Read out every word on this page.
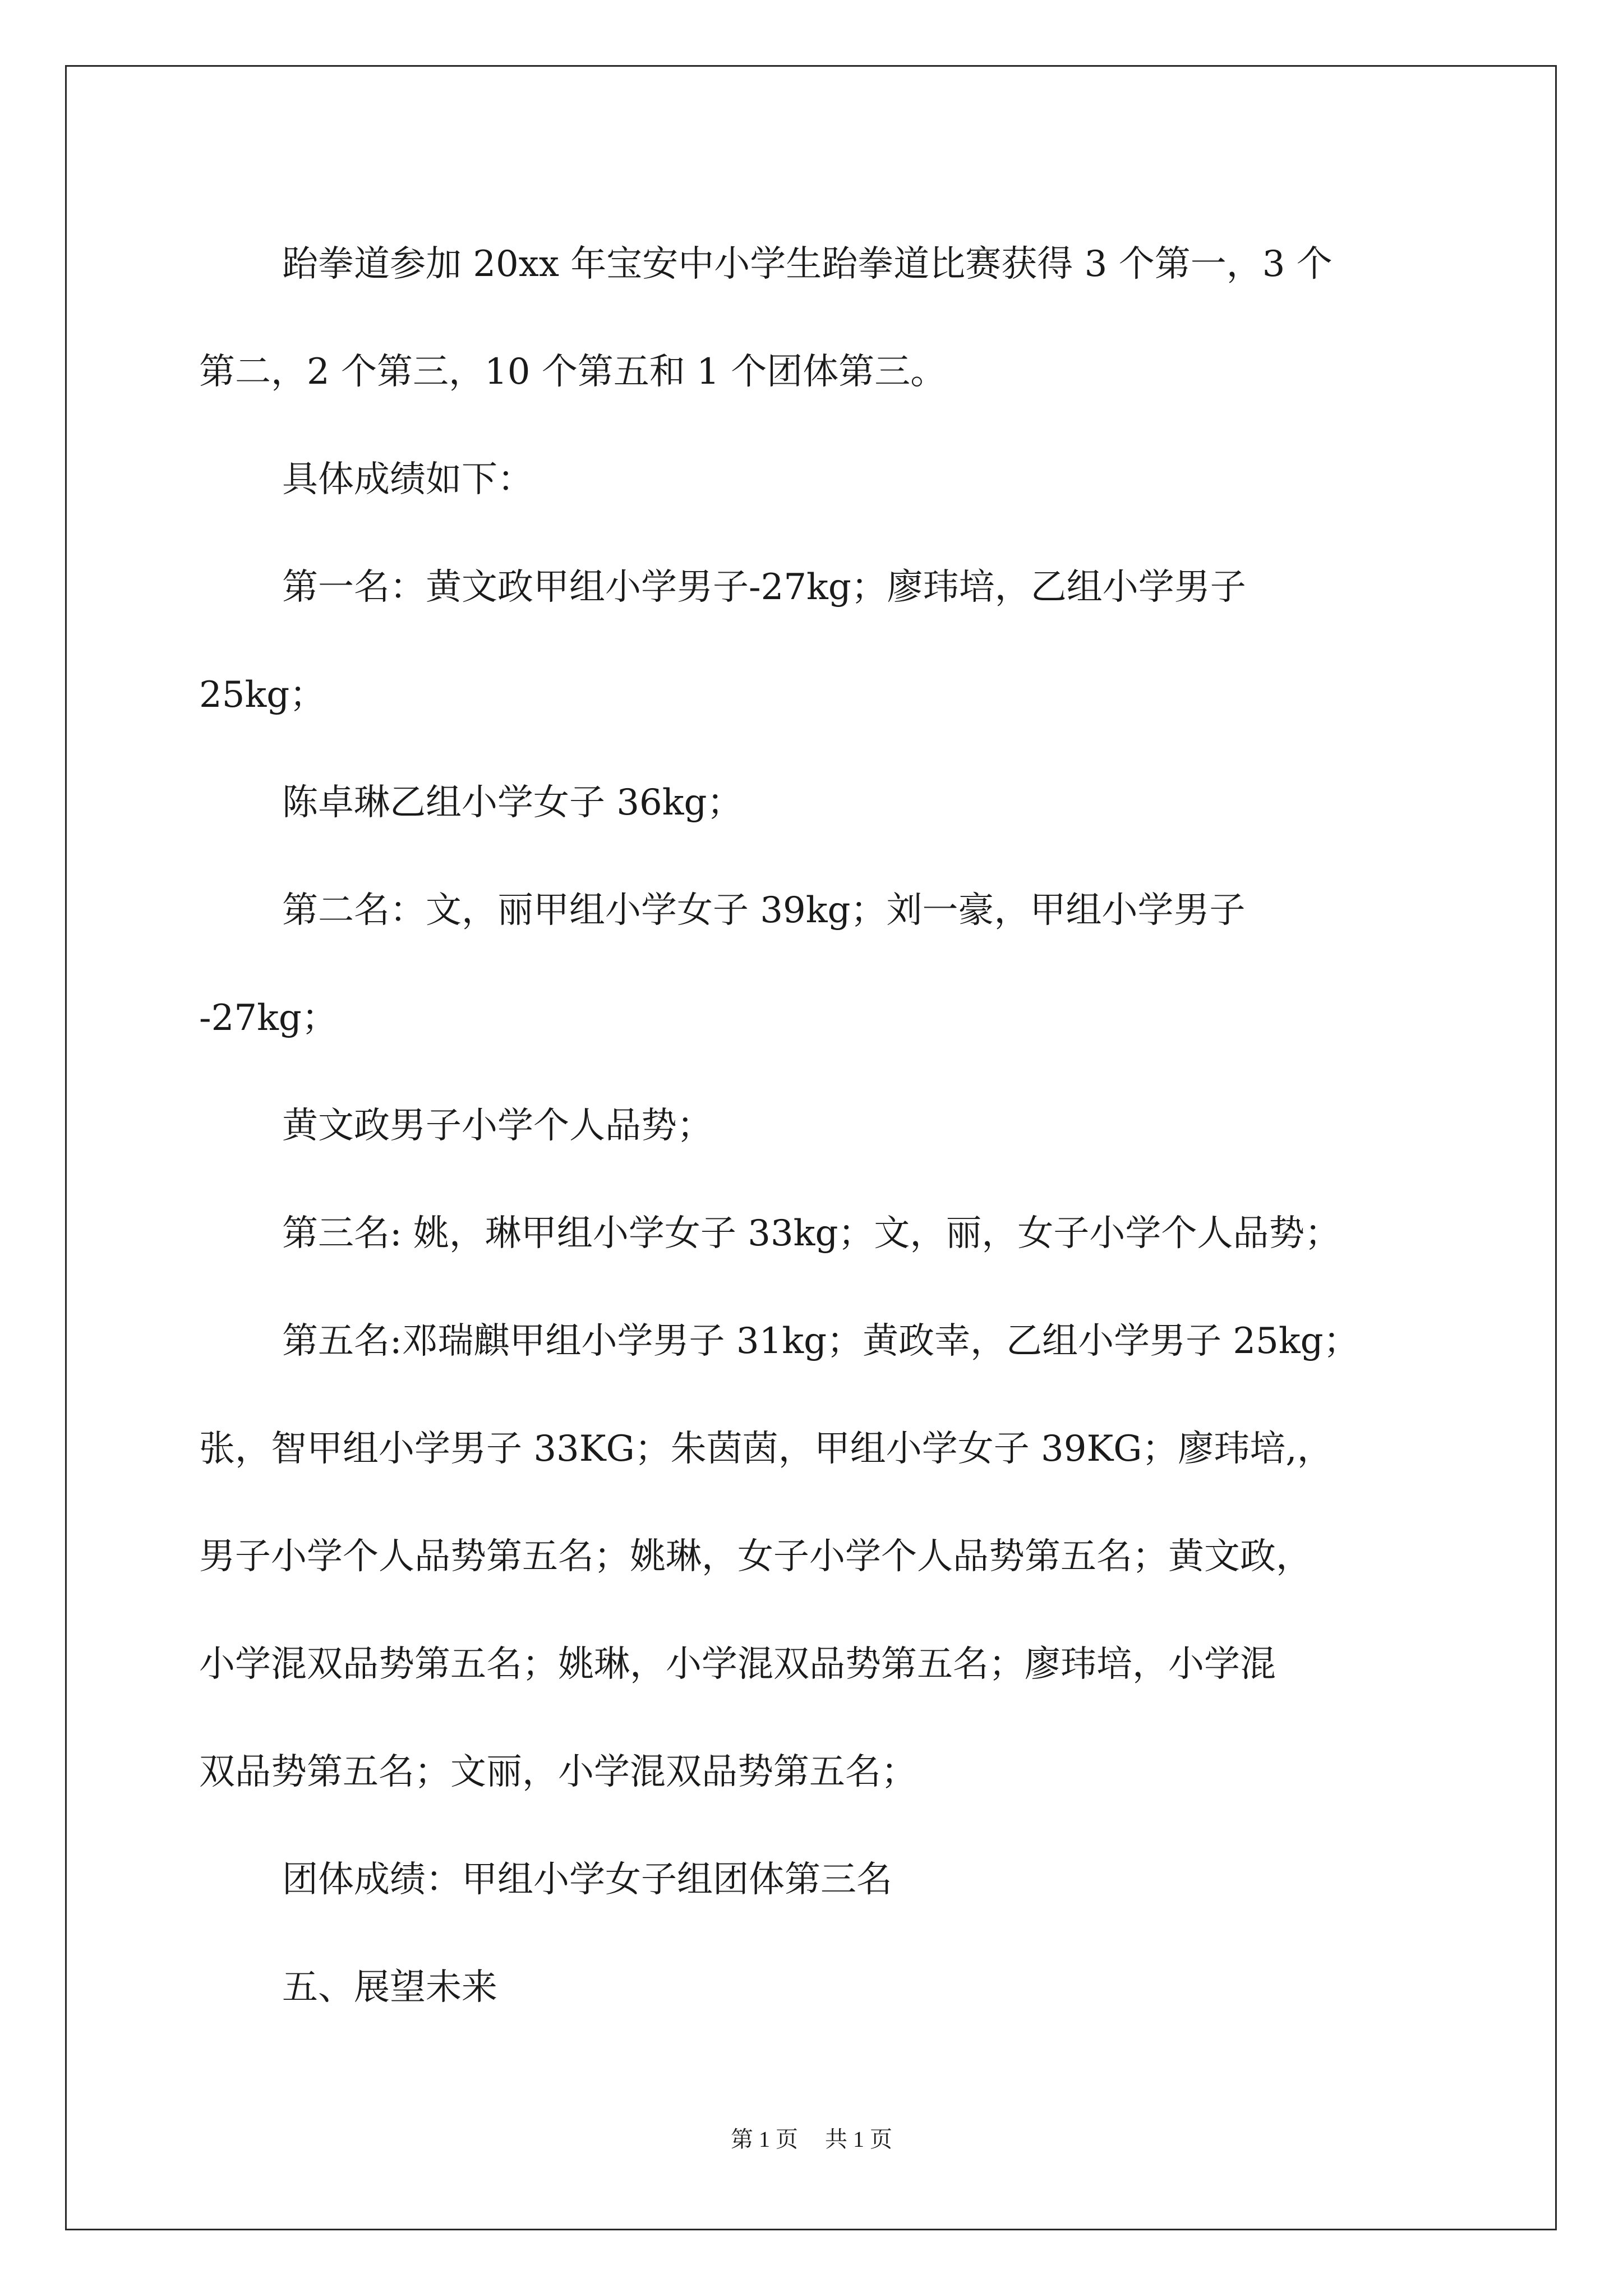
跆拳道参加 20xx 年宝安中小学生跆拳道比赛获得 3 个第一，3 个

第二，2 个第三，10 个第五和 1 个团体第三。

具体成绩如下：

第一名：黄文政甲组小学男子-27kg；廖玮培，乙组小学男子

25kg；

陈卓琳乙组小学女子 36kg；

第二名：文，丽甲组小学女子 39kg；刘一豪，甲组小学男子

-27kg；

黄文政男子小学个人品势；

第三名: 姚，琳甲组小学女子 33kg；文，丽，女子小学个人品势；

第五名:邓瑞麒甲组小学男子 31kg；黄政幸，乙组小学男子 25kg；

张，智甲组小学男子 33KG；朱茵茵，甲组小学女子 39KG；廖玮培,，

男子小学个人品势第五名；姚琳，女子小学个人品势第五名；黄文政，

小学混双品势第五名；姚琳，小学混双品势第五名；廖玮培，小学混

双品势第五名；文丽，小学混双品势第五名；

团体成绩：甲组小学女子组团体第三名

五、展望未来

第 1 页 共 1 页
